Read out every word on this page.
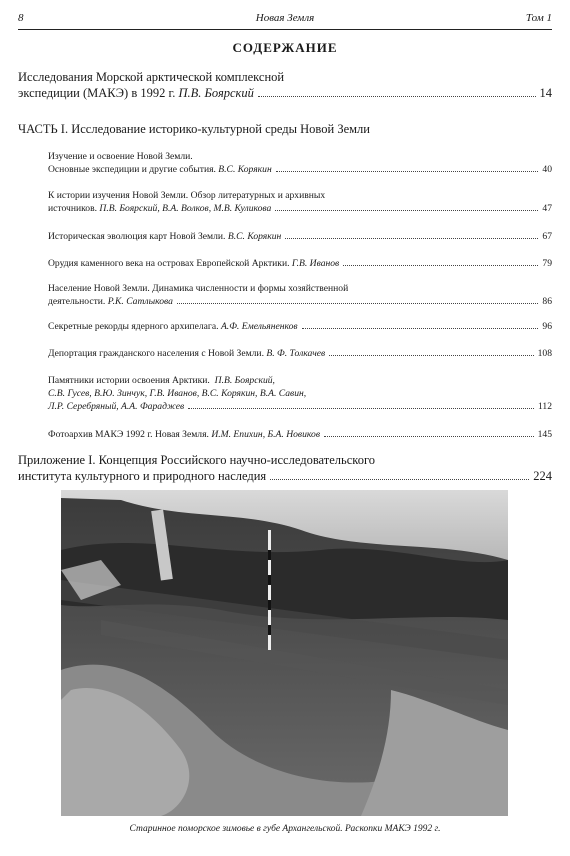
8	Новая Земля	Том 1
СОДЕРЖАНИЕ
Исследования Морской арктической комплексной
экспедиции (МАКЭ) в 1992 г.
П.В. Боярский	14
ЧАСТЬ I. Исследование историко-культурной среды Новой Земли
Изучение и освоение Новой Земли.
Основные экспедиции и другие события.
В.С. Корякин	40
К истории изучения Новой Земли. Обзор литературных и архивных
источников.
П.В. Боярский, В.А. Волков, М.В. Куликова	47
Историческая эволюция карт Новой Земли.
В.С. Корякин	67
Орудия каменного века на островах Европейской Арктики.
Г.В. Иванов	79
Население Новой Земли. Динамика численности и формы хозяйственной
деятельности.
Р.К. Сатлыкова	86
Секретные рекорды ядерного архипелага.
А.Ф. Емельяненков	96
Депортация гражданского населения с Новой Земли.
В. Ф. Толкачев	108
Памятники истории освоения Арктики. П.В. Боярский,
С.В. Гусев, В.Ю. Зинчук, Г.В. Иванов, В.С. Корякин, В.А. Савин,
Л.Р. Серебряный, А.А. Фараджев	112
Фотоархив МАКЭ 1992 г. Новая Земля.
И.М. Епихин, Б.А. Новиков	145
Приложение I. Концепция Российского научно-исследовательского
института культурного и природного наследия	224
Старинное поморское зимовье в губе Архангельской. Раскопки МАКЭ 1992 г.
